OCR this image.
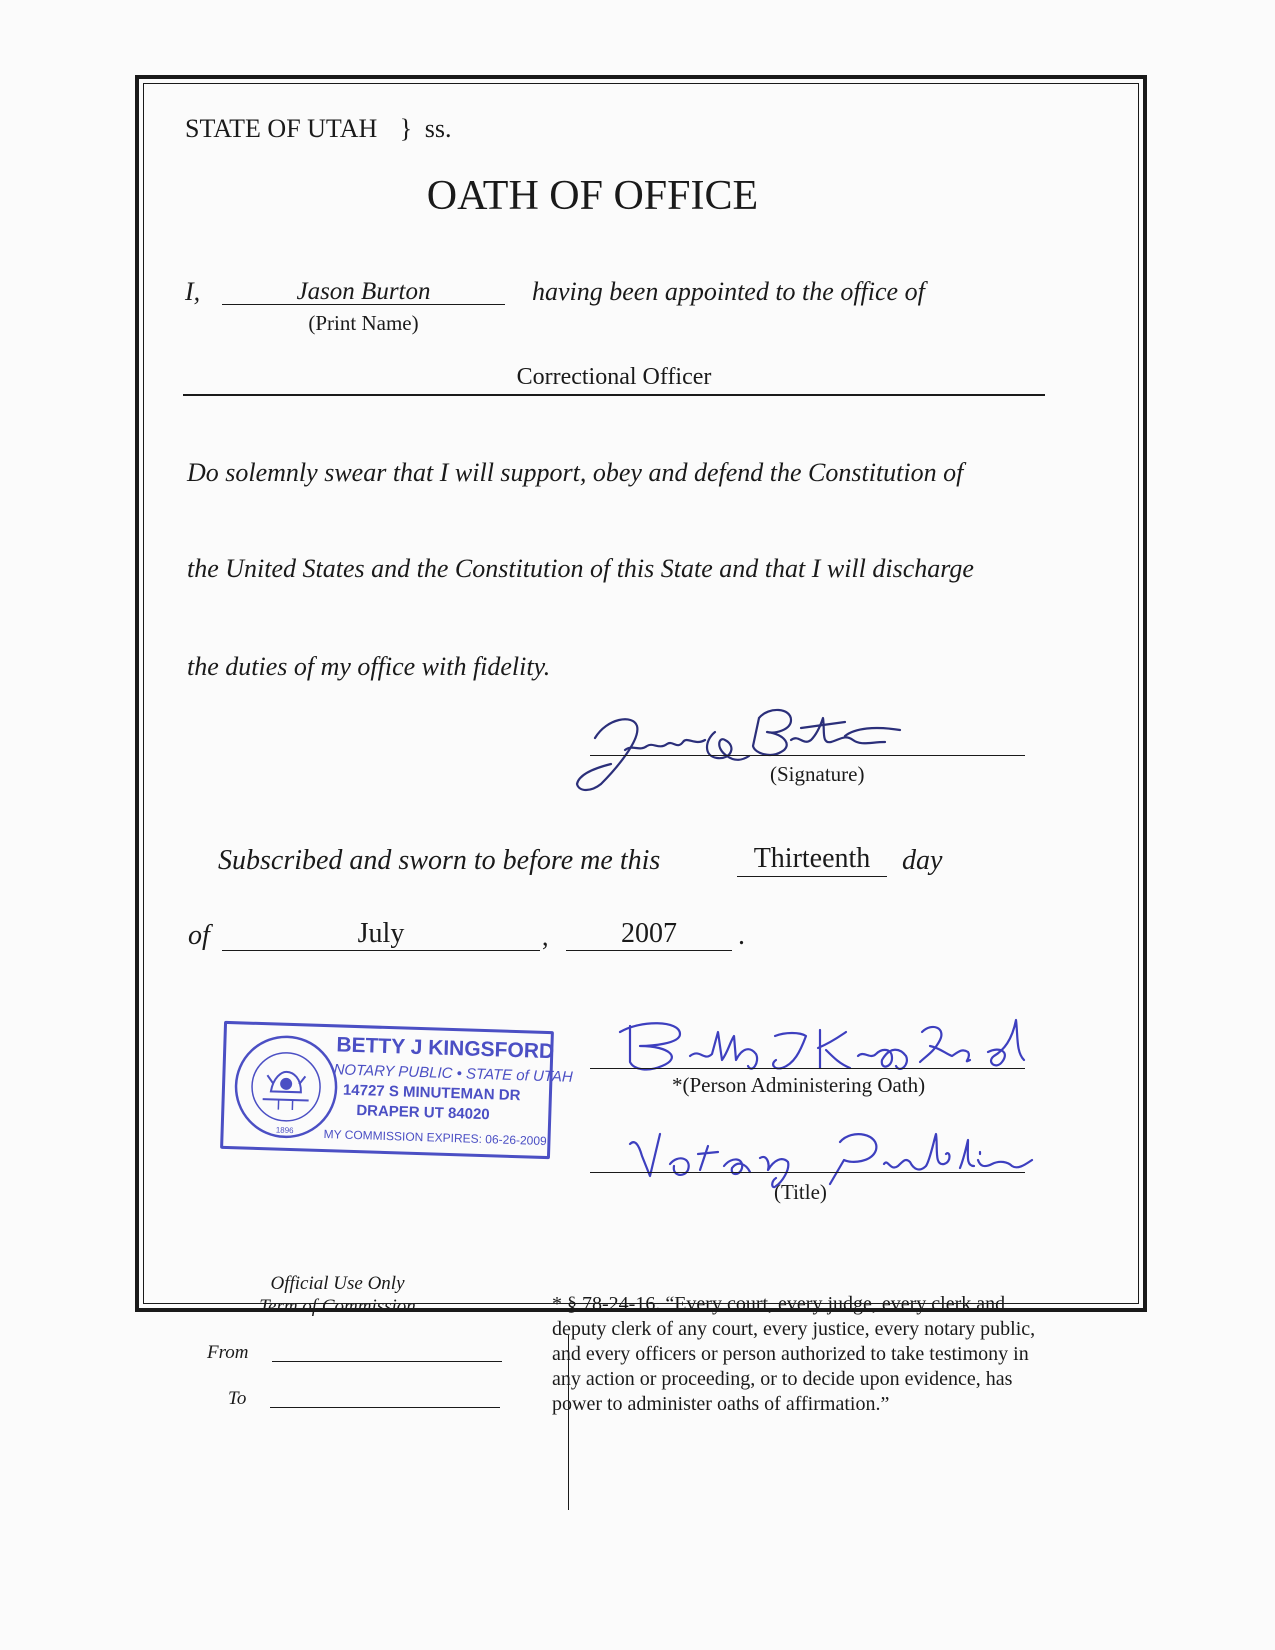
STATE OF UTAH } ss.
OATH OF OFFICE
I,	Jason Burton
(Print Name)
having been appointed to the office of
Correctional Officer
Do solemnly swear that I will support, obey and defend the Constitution of
the United States and the Constitution of this State and that I will discharge
the duties of my office with fidelity.
(Signature)
Subscribed and sworn to before me this	Thirteenth	day
of	July	,	2007	.
1896
BETTY J KINGSFORD
NOTARY PUBLIC • STATE of UTAH
14727 S MINUTEMAN DR
DRAPER UT 84020
MY COMMISSION EXPIRES: 06-26-2009
*(Person Administering Oath)
(Title)
Official Use Only
Term of Commission
From
To
* § 78-24-16. “Every court, every judge, every clerk and
deputy clerk of any court, every justice, every notary public,
and every officers or person authorized to take testimony in
any action or proceeding, or to decide upon evidence, has
power to administer oaths of affirmation.”
